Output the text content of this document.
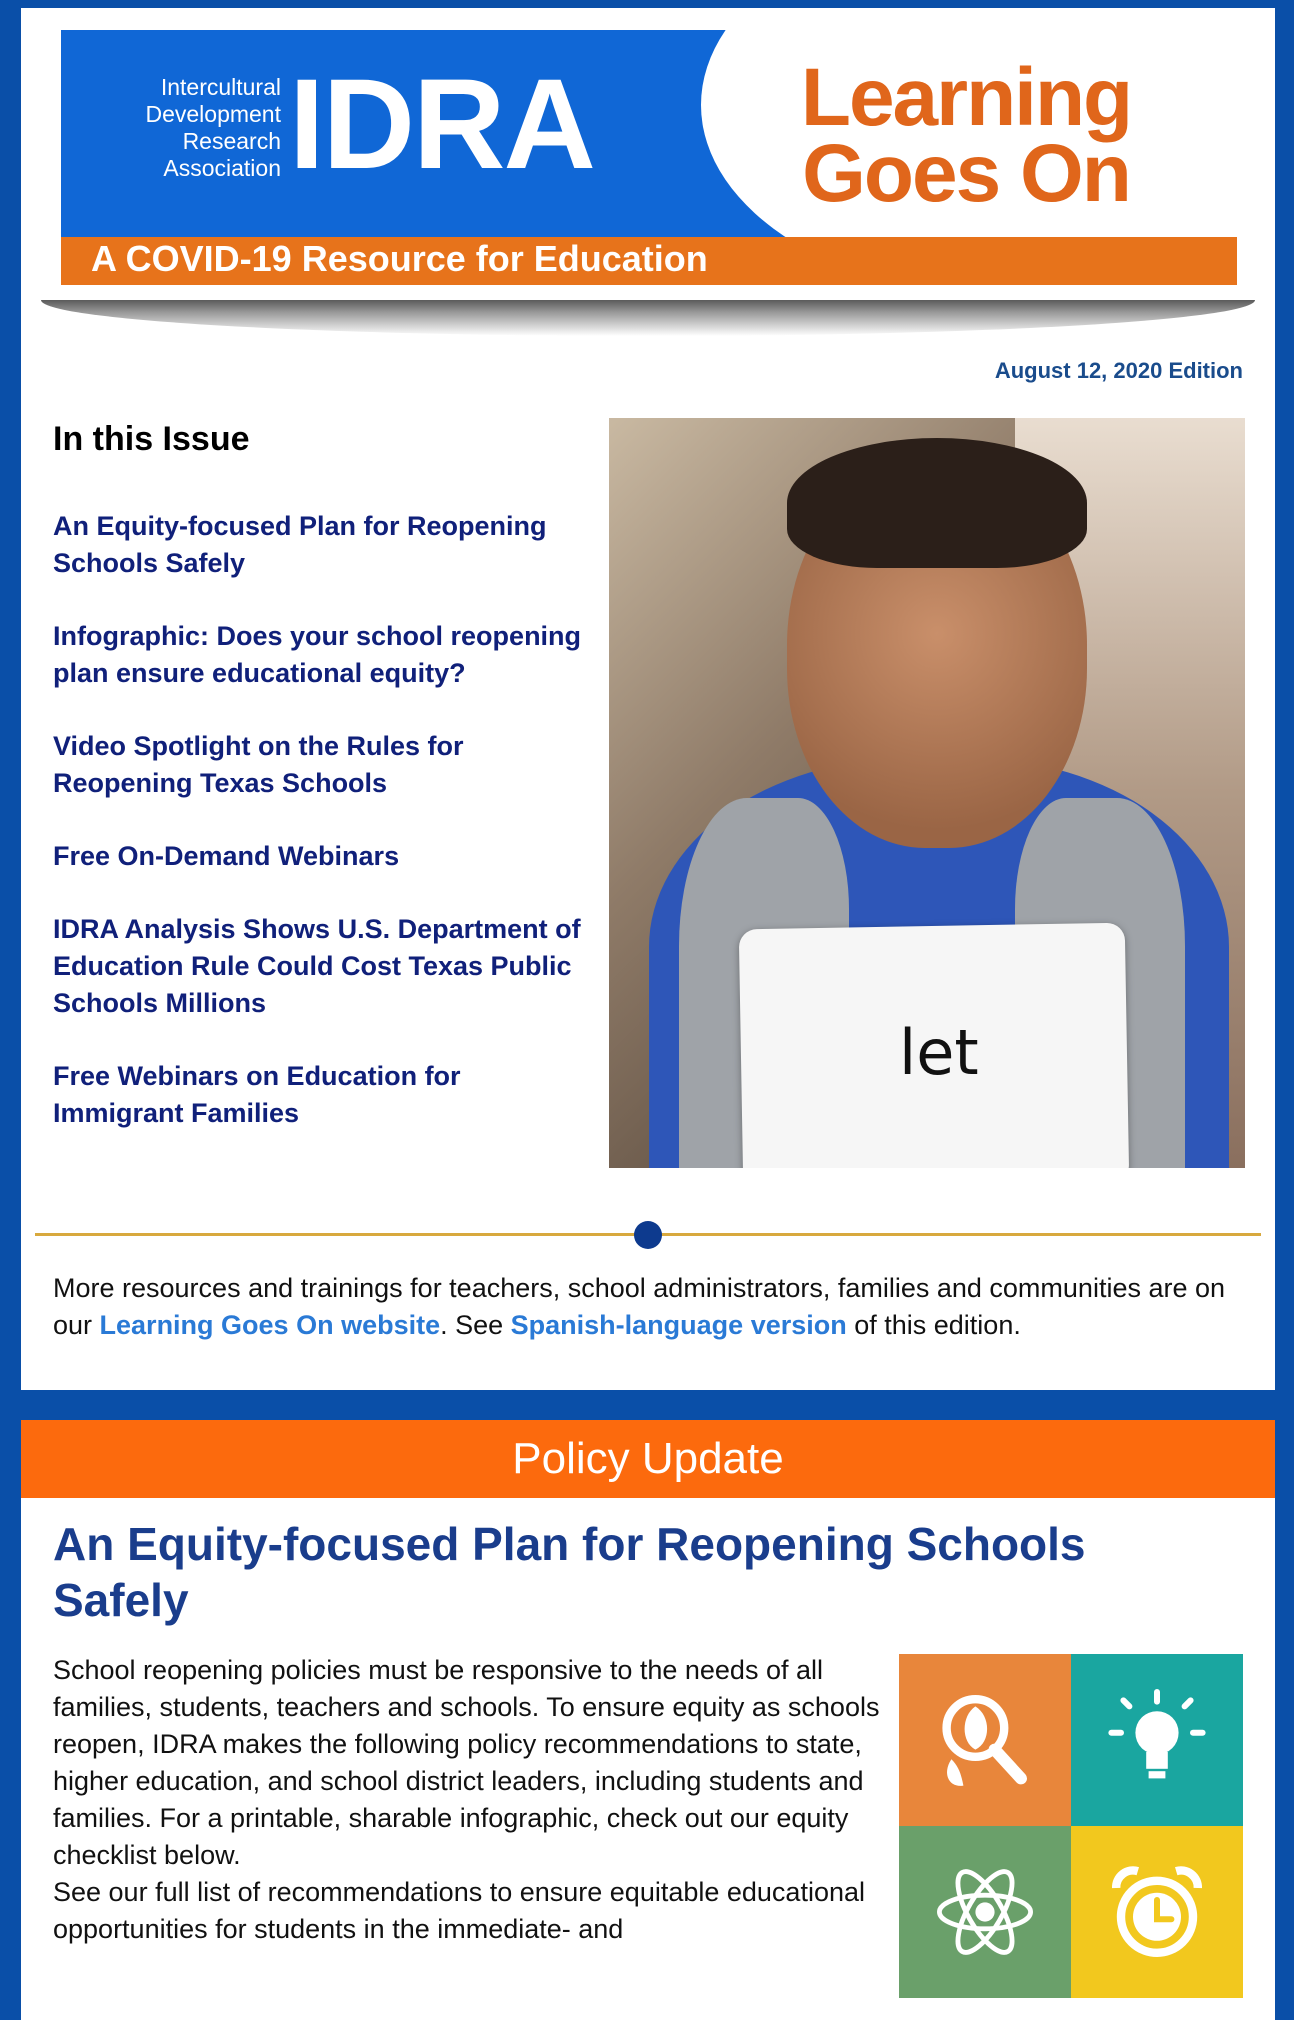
Intercultural Development Research Association IDRA	Learning Goes On
A COVID-19 Resource for Education
August 12, 2020 Edition
In this Issue
An Equity-focused Plan for Reopening Schools Safely
Infographic: Does your school reopening plan ensure educational equity?
Video Spotlight on the Rules for Reopening Texas Schools
Free On-Demand Webinars
IDRA Analysis Shows U.S. Department of Education Rule Could Cost Texas Public Schools Millions
Free Webinars on Education for Immigrant Families
let
More resources and trainings for teachers, school administrators, families and communities are on our Learning Goes On website. See Spanish-language version of this edition.
Policy Update
An Equity-focused Plan for Reopening Schools Safely

School reopening policies must be responsive to the needs of all families, students, teachers and schools. To ensure equity as schools reopen, IDRA makes the following policy recommendations to state, higher education, and school district leaders, including students and families. For a printable, sharable infographic, check out our equity checklist below.

See our full list of recommendations to ensure equitable educational opportunities for students in the immediate- and
